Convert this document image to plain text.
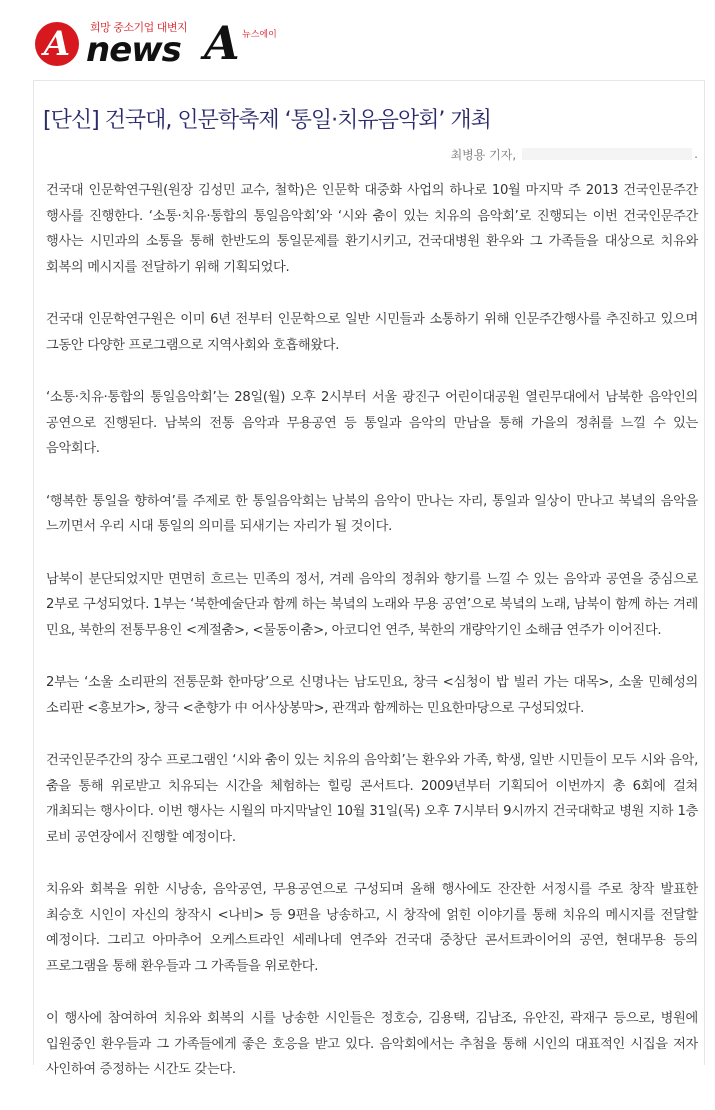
A	희망 중소기업 대변지
news A 뉴스에이
[단신] 건국대, 인문학축제 ‘통일·치유음악회’ 개최
최병용 기자,	.

건국대 인문학연구원(원장 김성민 교수, 철학)은 인문학 대중화 사업의 하나로 10월 마지막 주 2013 건국인문주간 행사를 진행한다. ‘소통·치유·통합의 통일음악회’와 ‘시와 춤이 있는 치유의 음악회’로 진행되는 이번 건국인문주간 행사는 시민과의 소통을 통해 한반도의 통일문제를 환기시키고, 건국대병원 환우와 그 가족들을 대상으로 치유와 회복의 메시지를 전달하기 위해 기획되었다.

건국대 인문학연구원은 이미 6년 전부터 인문학으로 일반 시민들과 소통하기 위해 인문주간행사를 추진하고 있으며 그동안 다양한 프로그램으로 지역사회와 호흡해왔다.

‘소통·치유·통합의 통일음악회’는 28일(월) 오후 2시부터 서울 광진구 어린이대공원 열린무대에서 남북한 음악인의 공연으로 진행된다. 남북의 전통 음악과 무용공연 등 통일과 음악의 만남을 통해 가을의 정취를 느낄 수 있는 음악회다.

‘행복한 통일을 향하여’를 주제로 한 통일음악회는 남북의 음악이 만나는 자리, 통일과 일상이 만나고 북녘의 음악을 느끼면서 우리 시대 통일의 의미를 되새기는 자리가 될 것이다.

남북이 분단되었지만 면면히 흐르는 민족의 정서, 겨레 음악의 정취와 향기를 느낄 수 있는 음악과 공연을 중심으로 2부로 구성되었다. 1부는 ‘북한예술단과 함께 하는 북녘의 노래와 무용 공연’으로 북녘의 노래, 남북이 함께 하는 겨레 민요, 북한의 전통무용인 <계절춤>, <물동이춤>, 아코디언 연주, 북한의 개량악기인 소해금 연주가 이어진다.

2부는 ‘소울 소리판의 전통문화 한마당’으로 신명나는 남도민요, 창극 <심청이 밥 빌러 가는 대목>, 소울 민혜성의 소리판 <흥보가>, 창극 <춘향가 中 어사상봉막>, 관객과 함께하는 민요한마당으로 구성되었다.

건국인문주간의 장수 프로그램인 ‘시와 춤이 있는 치유의 음악회’는 환우와 가족, 학생, 일반 시민들이 모두 시와 음악, 춤을 통해 위로받고 치유되는 시간을 체험하는 힐링 콘서트다. 2009년부터 기획되어 이번까지 총 6회에 걸쳐 개최되는 행사이다. 이번 행사는 시월의 마지막날인 10월 31일(목) 오후 7시부터 9시까지 건국대학교 병원 지하 1층 로비 공연장에서 진행할 예정이다.

치유와 회복을 위한 시낭송, 음악공연, 무용공연으로 구성되며 올해 행사에도 잔잔한 서정시를 주로 창작 발표한 최승호 시인이 자신의 창작시 <나비> 등 9편을 낭송하고, 시 창작에 얽힌 이야기를 통해 치유의 메시지를 전달할 예정이다. 그리고 아마추어 오케스트라인 세레나데 연주와 건국대 중창단 콘서트콰이어의 공연, 현대무용 등의 프로그램을 통해 환우들과 그 가족들을 위로한다.

이 행사에 참여하여 치유와 회복의 시를 낭송한 시인들은 정호승, 김용택, 김남조, 유안진, 곽재구 등으로, 병원에 입원중인 환우들과 그 가족들에게 좋은 호응을 받고 있다. 음악회에서는 추첨을 통해 시인의 대표적인 시집을 저자 사인하여 증정하는 시간도 갖는다.
